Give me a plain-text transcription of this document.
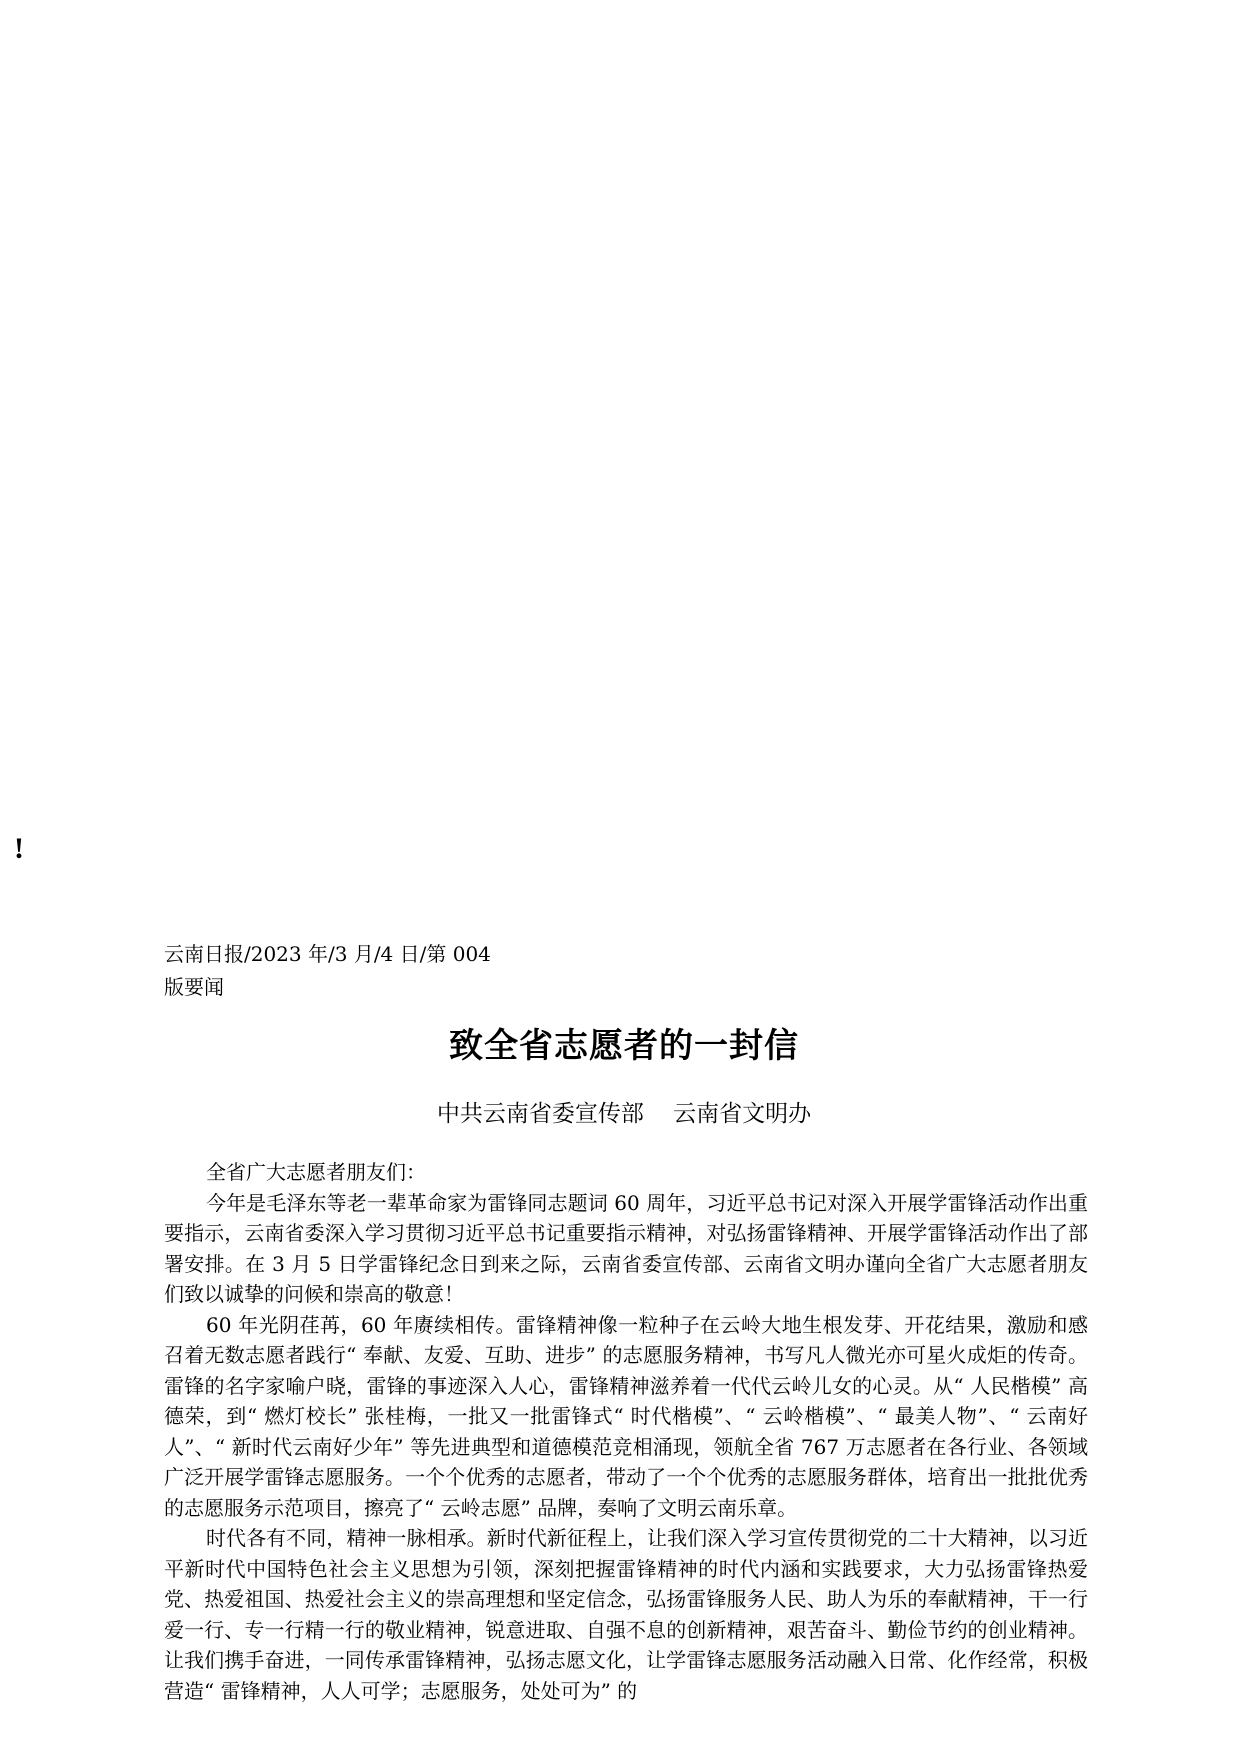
!
云南日报/2023 年/3 月/4 日/第 004
版要闻
致全省志愿者的一封信
中共云南省委宣传部    云南省文明办

全省广大志愿者朋友们：

今年是毛泽东等老一辈革命家为雷锋同志题词 60 周年，习近平总书记对深入开展学雷锋活动作出重要指示，云南省委深入学习贯彻习近平总书记重要指示精神，对弘扬雷锋精神、开展学雷锋活动作出了部署安排。在 3 月 5 日学雷锋纪念日到来之际，云南省委宣传部、云南省文明办谨向全省广大志愿者朋友们致以诚挚的问候和崇高的敬意！

60 年光阴荏苒，60 年赓续相传。雷锋精神像一粒种子在云岭大地生根发芽、开花结果，激励和感召着无数志愿者践行“ 奉献、友爱、互助、进步” 的志愿服务精神，书写凡人微光亦可星火成炬的传奇。雷锋的名字家喻户晓，雷锋的事迹深入人心，雷锋精神滋养着一代代云岭儿女的心灵。从“ 人民楷模” 高德荣，到“ 燃灯校长” 张桂梅，一批又一批雷锋式“ 时代楷模”、“ 云岭楷模”、“ 最美人物”、“ 云南好人”、“ 新时代云南好少年” 等先进典型和道德模范竞相涌现，领航全省 767 万志愿者在各行业、各领域广泛开展学雷锋志愿服务。一个个优秀的志愿者，带动了一个个优秀的志愿服务群体，培育出一批批优秀的志愿服务示范项目，擦亮了“ 云岭志愿” 品牌，奏响了文明云南乐章。

时代各有不同，精神一脉相承。新时代新征程上，让我们深入学习宣传贯彻党的二十大精神，以习近平新时代中国特色社会主义思想为引领，深刻把握雷锋精神的时代内涵和实践要求，大力弘扬雷锋热爱党、热爱祖国、热爱社会主义的崇高理想和坚定信念，弘扬雷锋服务人民、助人为乐的奉献精神，干一行爱一行、专一行精一行的敬业精神，锐意进取、自强不息的创新精神，艰苦奋斗、勤俭节约的创业精神。让我们携手奋进，一同传承雷锋精神，弘扬志愿文化，让学雷锋志愿服务活动融入日常、化作经常，积极营造“ 雷锋精神，人人可学；志愿服务，处处可为” 的
